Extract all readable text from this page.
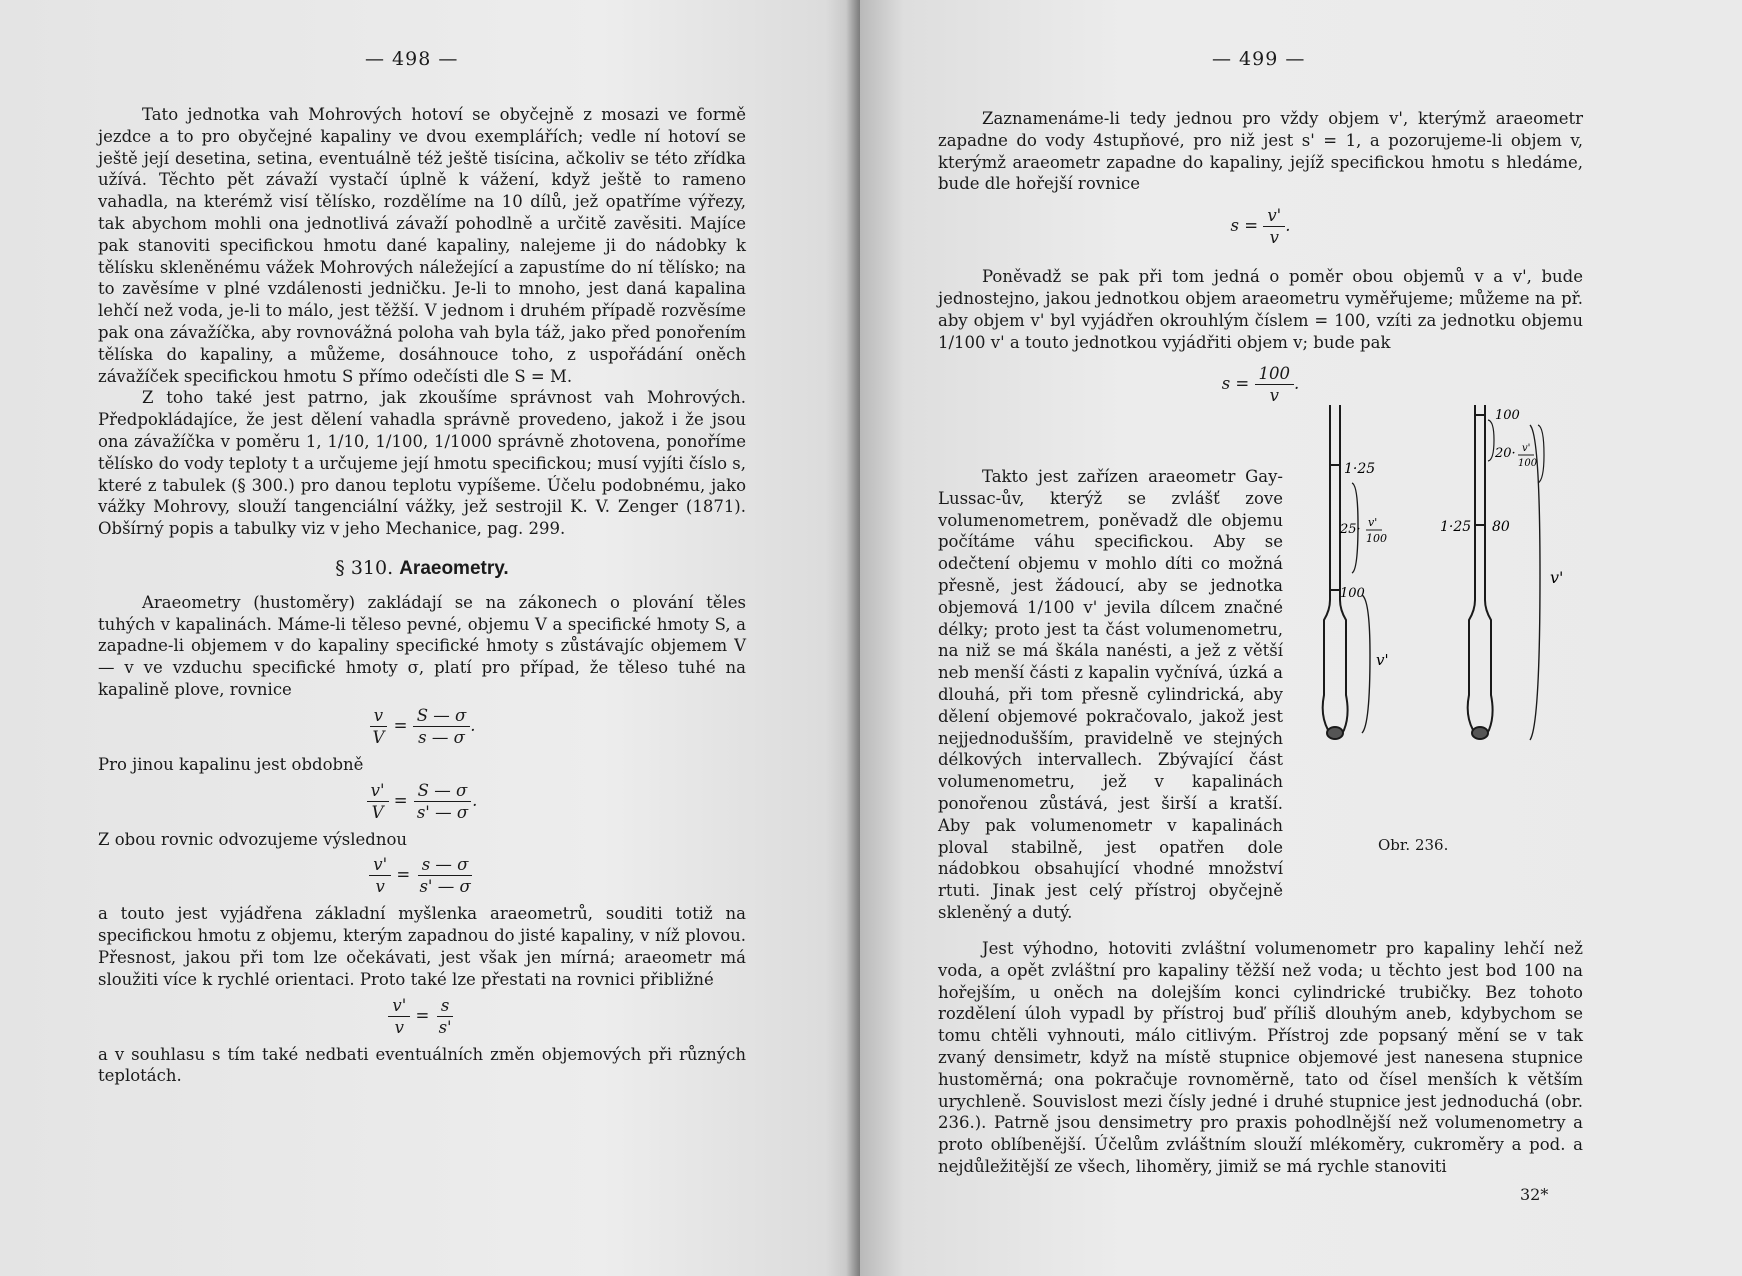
— 498 —

Tato jednotka vah Mohrových hotoví se obyčejně z mosazi ve formě jezdce a to pro obyčejné kapaliny ve dvou exemplářích; vedle ní hotoví se ještě její desetina, setina, eventuálně též ještě tisícina, ačkoliv se této zřídka užívá. Těchto pět závaží vystačí úplně k vážení, když ještě to rameno vahadla, na kterémž visí tělísko, rozdělíme na 10 dílů, jež opatříme výřezy, tak abychom mohli ona jednotlivá závaží pohodlně a určitě zavěsiti. Majíce pak stanoviti specifickou hmotu dané kapaliny, nalejeme ji do nádobky k tělísku skleněnému vážek Mohrových náležející a zapustíme do ní tělísko; na to zavěsíme v plné vzdálenosti jedničku. Je-li to mnoho, jest daná kapalina lehčí než voda, je-li to málo, jest těžší. V jednom i druhém případě rozvěsíme pak ona závažíčka, aby rovnovážná poloha vah byla táž, jako před ponořením tělíska do kapaliny, a můžeme, dosáhnouce toho, z uspořádání oněch závažíček specifickou hmotu S přímo odečísti dle S = M.

Z toho také jest patrno, jak zkoušíme správnost vah Mohrových. Předpokládajíce, že jest dělení vahadla správně provedeno, jakož i že jsou ona závažíčka v poměru 1, 1/10, 1/100, 1/1000 správně zhotovena, ponoříme tělísko do vody teploty t a určujeme její hmotu specifickou; musí vyjíti číslo s, které z tabulek (§ 300.) pro danou teplotu vypíšeme. Účelu podobnému, jako vážky Mohrovy, slouží tangenciální vážky, jež sestrojil K. V. Zenger (1871). Obšírný popis a tabulky viz v jeho Mechanice, pag. 299.

§ 310. Araeometry.

Araeometry (hustoměry) zakládají se na zákonech o plování těles tuhých v kapalinách. Máme-li těleso pevné, objemu V a specifické hmoty S, a zapadne-li objemem v do kapaliny specifické hmoty s zůstávajíc objemem V — v ve vzduchu specifické hmoty σ, platí pro případ, že těleso tuhé na kapalině plove, rovnice

$\frac{v}{V} = \frac{S — \sigma}{s — \sigma}$ .

Pro jinou kapalinu jest obdobně

$\frac{v'}{V} = \frac{S — \sigma}{s' — \sigma}$ .

Z obou rovnic odvozujeme výslednou

$\frac{v'}{v} = \frac{s — \sigma}{s' — \sigma}$

a touto jest vyjádřena základní myšlenka araeometrů, souditi totiž na specifickou hmotu z objemu, kterým zapadnou do jisté kapaliny, v níž plovou. Přesnost, jakou při tom lze očekávati, jest však jen mírná; araeometr má sloužiti více k rychlé orientaci. Proto také lze přestati na rovnici přibližné

$\frac{v'}{v} = \frac{s}{s'}$

a v souhlasu s tím také nedbati eventuálních změn objemových při různých teplotách.

— 499 —

Zaznamenáme-li tedy jednou pro vždy objem v', kterýmž araeometr zapadne do vody 4stupňové, pro niž jest s' = 1, a pozorujeme-li objem v, kterýmž araeometr zapadne do kapaliny, jejíž specifickou hmotu s hledáme, bude dle hořejší rovnice

$s = \frac{v'}{v}$ .

Poněvadž se pak při tom jedná o poměr obou objemů v a v', bude jednostejno, jakou jednotkou objem araeometru vyměřujeme; můžeme na př. aby objem v' byl vyjádřen okrouhlým číslem = 100, vzíti za jednotku objemu 1/100 v' a touto jednotkou vyjádřiti objem v; bude pak

$s = \frac{100}{v}$ .

Takto jest zařízen araeometr Gay-Lussac-ův, kterýž se zvlášť zove volumenometrem, poněvadž dle objemu počítáme váhu specifickou. Aby se odečtení objemu v mohlo díti co možná přesně, jest žádoucí, aby se jednotka objemová 1/100 v' jevila dílcem značné délky; proto jest ta část volumenometru, na niž se má škála nanésti, a jež z větší neb menší části z kapalin vyčnívá, úzká a dlouhá, při tom přesně cylindrická, aby dělení objemové pokračovalo, jakož jest nejjednodušším, pravidelně ve stejných délkových intervallech. Zbývající část volumenometru, jež v kapalinách ponořenou zůstává, jest širší a kratší. Aby pak volumenometr v kapalinách ploval stabilně, jest opatřen dole nádobkou obsahující vhodné množství rtuti. Jinak jest celý přístroj obyčejně skleněný a dutý.

Jest výhodno, hotoviti zvláštní volumenometr pro kapaliny lehčí než voda, a opět zvláštní pro kapaliny těžší než voda; u těchto jest bod 100 na hořejším, u oněch na dolejším konci cylindrické trubičky. Bez tohoto rozdělení úloh vypadl by přístroj buď příliš dlouhým aneb, kdybychom se tomu chtěli vyhnouti, málo citlivým. Přístroj zde popsaný mění se v tak zvaný densimetr, když na místě stupnice objemové jest nanesena stupnice hustoměrná; ona pokračuje rovnoměrně, tato od čísel menších k větším urychleně. Souvislost mezi čísly jedné i druhé stupnice jest jednoduchá (obr. 236.). Patrně jsou densimetry pro praxis pohodlnější než volumenometry a proto oblíbenější. Účelům zvláštním slouží mlékoměry, cukroměry a pod. a nejdůležitější ze všech, lihoměry, jimiž se má rychle stanoviti

1·25
25· v'
100
100
v'
100
20· v'
100
1·25 80
v'
Obr. 236.
32*
